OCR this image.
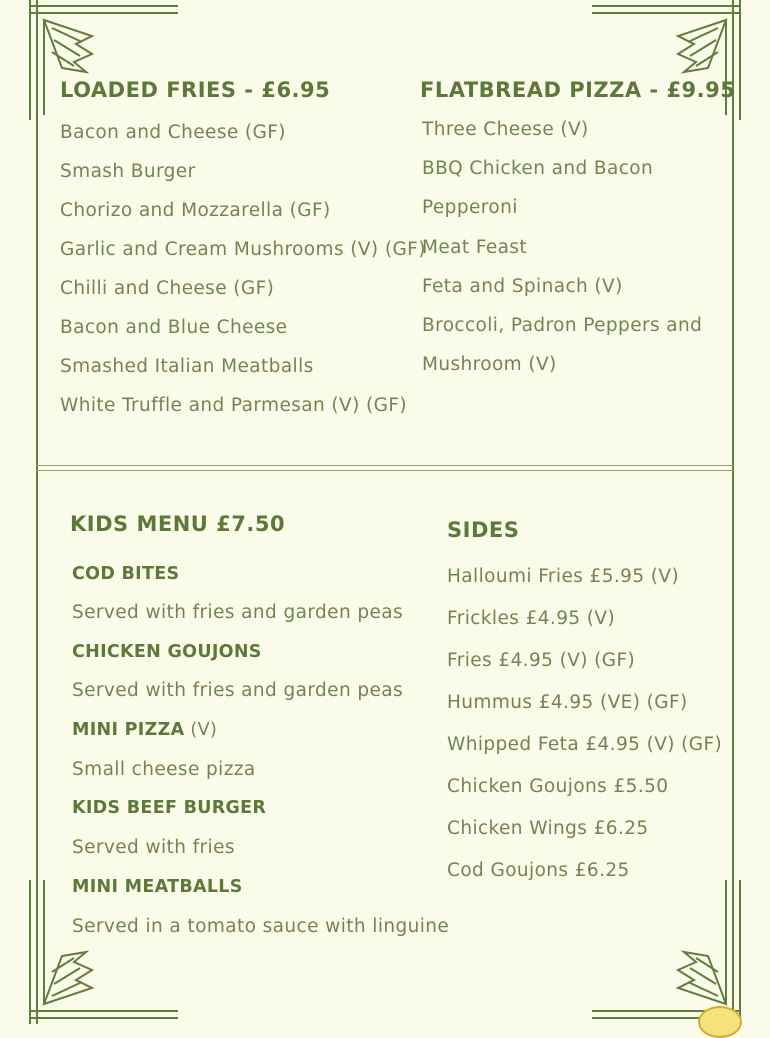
LOADED FRIES - £6.95
Bacon and Cheese (GF)
Smash Burger
Chorizo and Mozzarella (GF)
Garlic and Cream Mushrooms (V) (GF)
Chilli and Cheese (GF)
Bacon and Blue Cheese
Smashed Italian Meatballs
White Truffle and Parmesan (V) (GF)
FLATBREAD PIZZA - £9.95
Three Cheese (V)
BBQ Chicken and Bacon
Pepperoni
Meat Feast
Feta and Spinach (V)
Broccoli, Padron Peppers and
Mushroom (V)
KIDS MENU £7.50
COD BITES
Served with fries and garden peas
CHICKEN GOUJONS
Served with fries and garden peas
MINI PIZZA (V)
Small cheese pizza
KIDS BEEF BURGER
Served with fries
MINI MEATBALLS
Served in a tomato sauce with linguine
SIDES
Halloumi Fries £5.95 (V)
Frickles £4.95 (V)
Fries £4.95 (V) (GF)
Hummus £4.95 (VE) (GF)
Whipped Feta £4.95 (V) (GF)
Chicken Goujons £5.50
Chicken Wings £6.25
Cod Goujons £6.25
